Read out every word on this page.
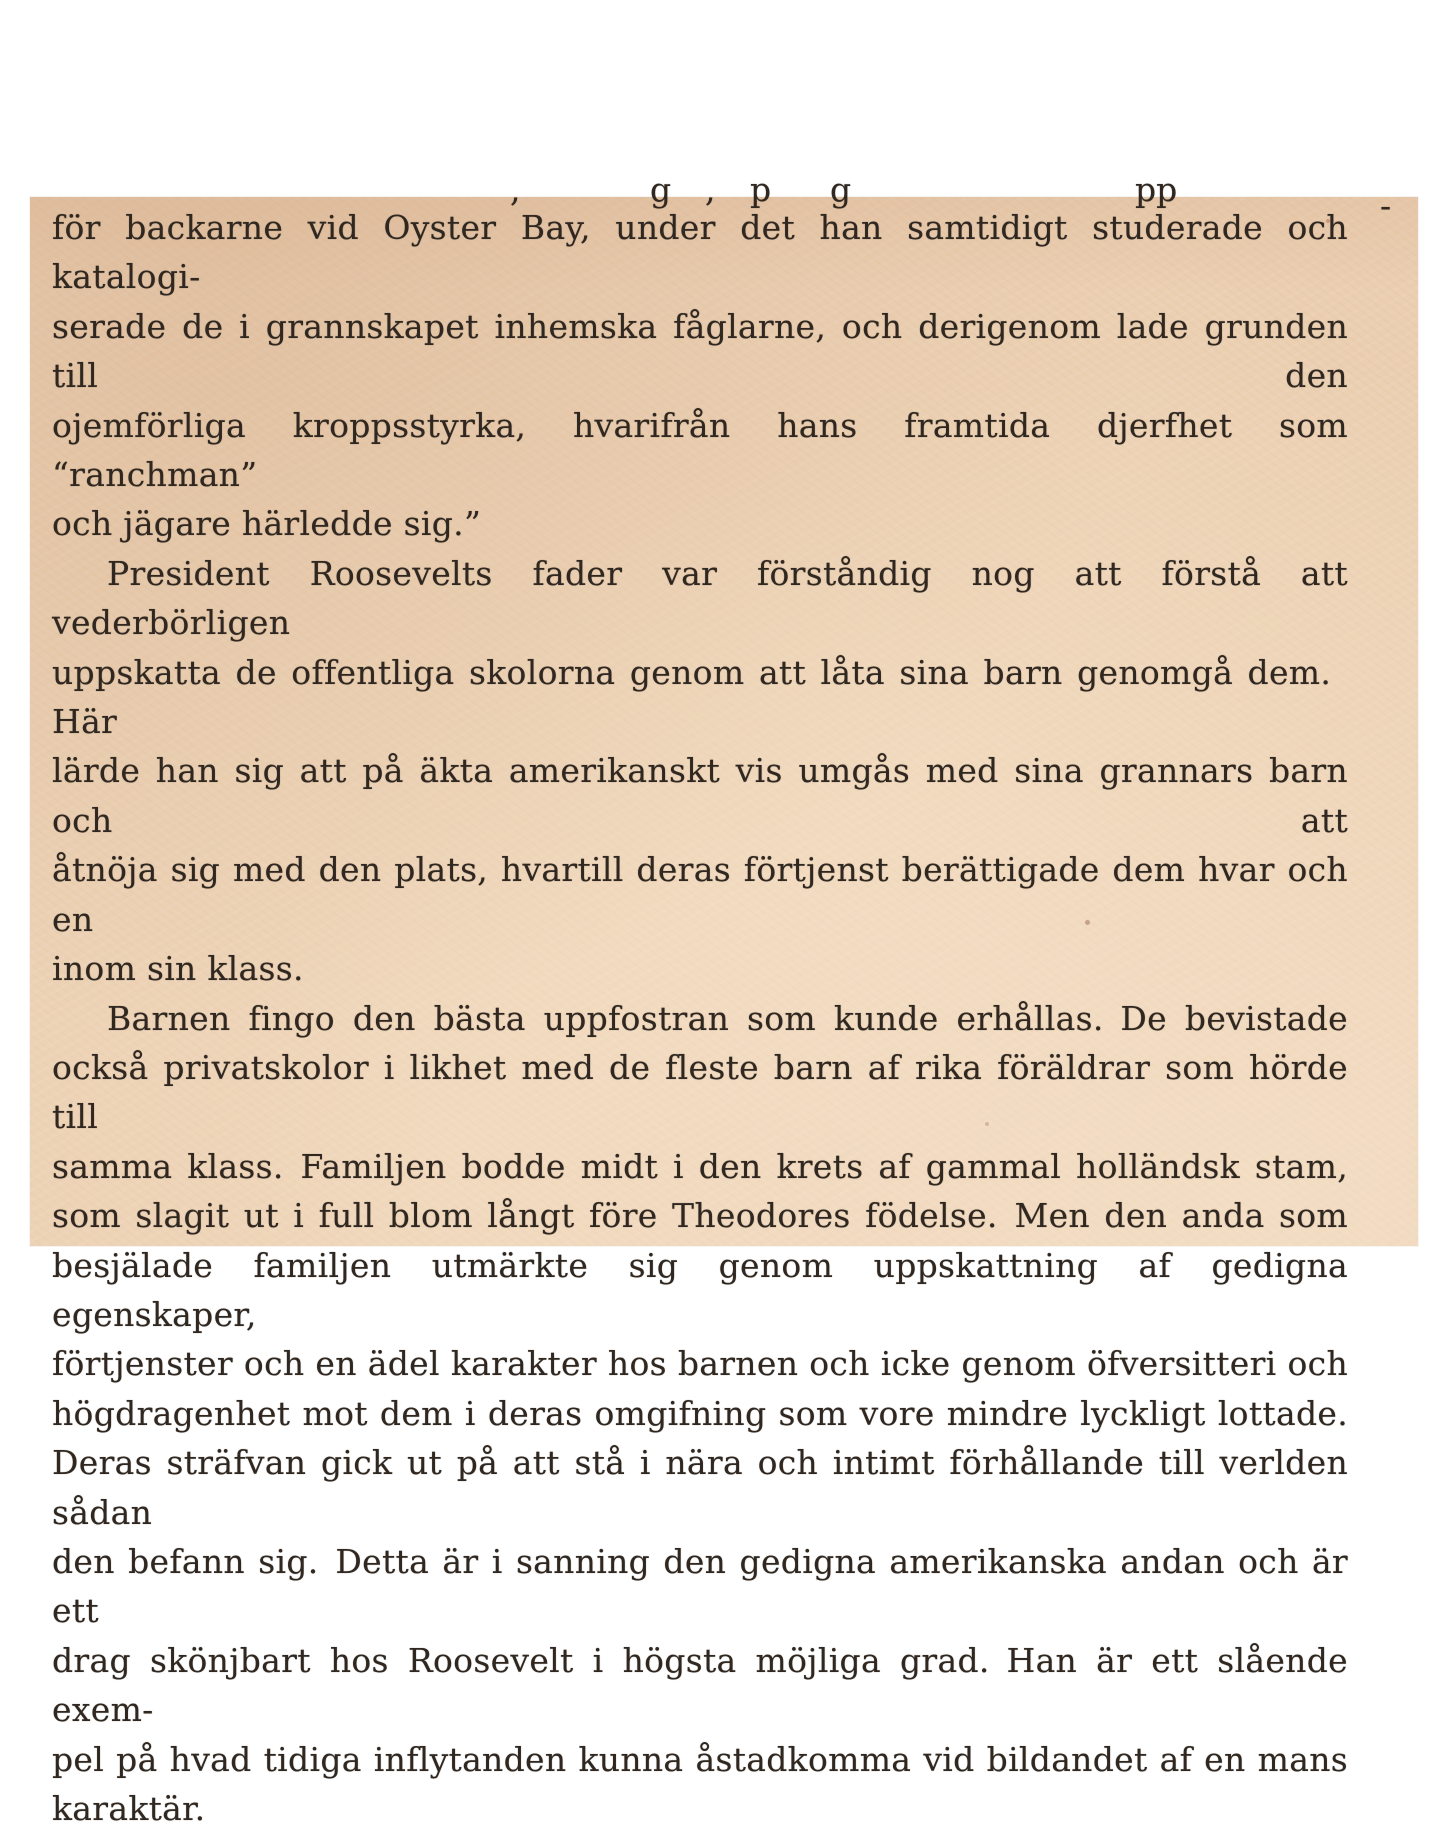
,	g , p g	pp	-
för backarne vid Oyster Bay, under det han samtidigt studerade och katalogi-
serade de i grannskapet inhemska fåglarne, och derigenom lade grunden till den
ojemförliga kroppsstyrka, hvarifrån hans framtida djerfhet som “ranchman”
och jägare härledde sig.”
President Roosevelts fader var förståndig nog att förstå att vederbörligen
uppskatta de offentliga skolorna genom att låta sina barn genomgå dem. Här
lärde han sig att på äkta amerikanskt vis umgås med sina grannars barn och att
åtnöja sig med den plats, hvartill deras förtjenst berättigade dem hvar och en
inom sin klass.
Barnen fingo den bästa uppfostran som kunde erhållas. De bevistade
också privatskolor i likhet med de fleste barn af rika föräldrar som hörde till
samma klass. Familjen bodde midt i den krets af gammal holländsk stam,
som slagit ut i full blom långt före Theodores födelse. Men den anda som
besjälade familjen utmärkte sig genom uppskattning af gedigna egenskaper,
förtjenster och en ädel karakter hos barnen och icke genom öfversitteri och
högdragenhet mot dem i deras omgifning som vore mindre lyckligt lottade.
Deras sträfvan gick ut på att stå i nära och intimt förhållande till verlden sådan
den befann sig. Detta är i sanning den gedigna amerikanska andan och är ett
drag skönjbart hos Roosevelt i högsta möjliga grad. Han är ett slående exem-
pel på hvad tidiga inflytanden kunna åstadkomma vid bildandet af en mans
karaktär.
